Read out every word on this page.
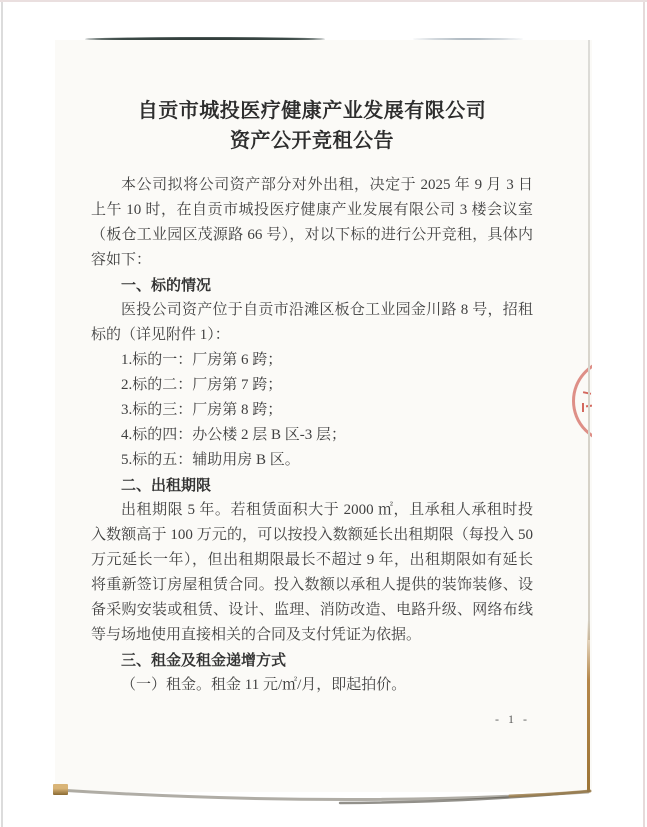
自贡市城投医疗健康产业发展有限公司
资产公开竞租公告

本公司拟将公司资产部分对外出租，决定于 2025 年 9 月 3 日上午 10 时，在自贡市城投医疗健康产业发展有限公司 3 楼会议室（板仓工业园区茂源路 66 号），对以下标的进行公开竞租，具体内容如下：

一、标的情况

医投公司资产位于自贡市沿滩区板仓工业园金川路 8 号，招租标的（详见附件 1）：

1.标的一：厂房第 6 跨；

2.标的二：厂房第 7 跨；

3.标的三：厂房第 8 跨；

4.标的四：办公楼 2 层 B 区-3 层；

5.标的五：辅助用房 B 区。

二、出租期限

出租期限 5 年。若租赁面积大于 2000 ㎡，且承租人承租时投入数额高于 100 万元的，可以按投入数额延长出租期限（每投入 50 万元延长一年），但出租期限最长不超过 9 年，出租期限如有延长将重新签订房屋租赁合同。投入数额以承租人提供的装饰装修、设备采购安装或租赁、设计、监理、消防改造、电路升级、网络布线等与场地使用直接相关的合同及支付凭证为依据。

三、租金及租金递增方式

（一）租金。租金 11 元/㎡/月，即起拍价。

- 1 -
